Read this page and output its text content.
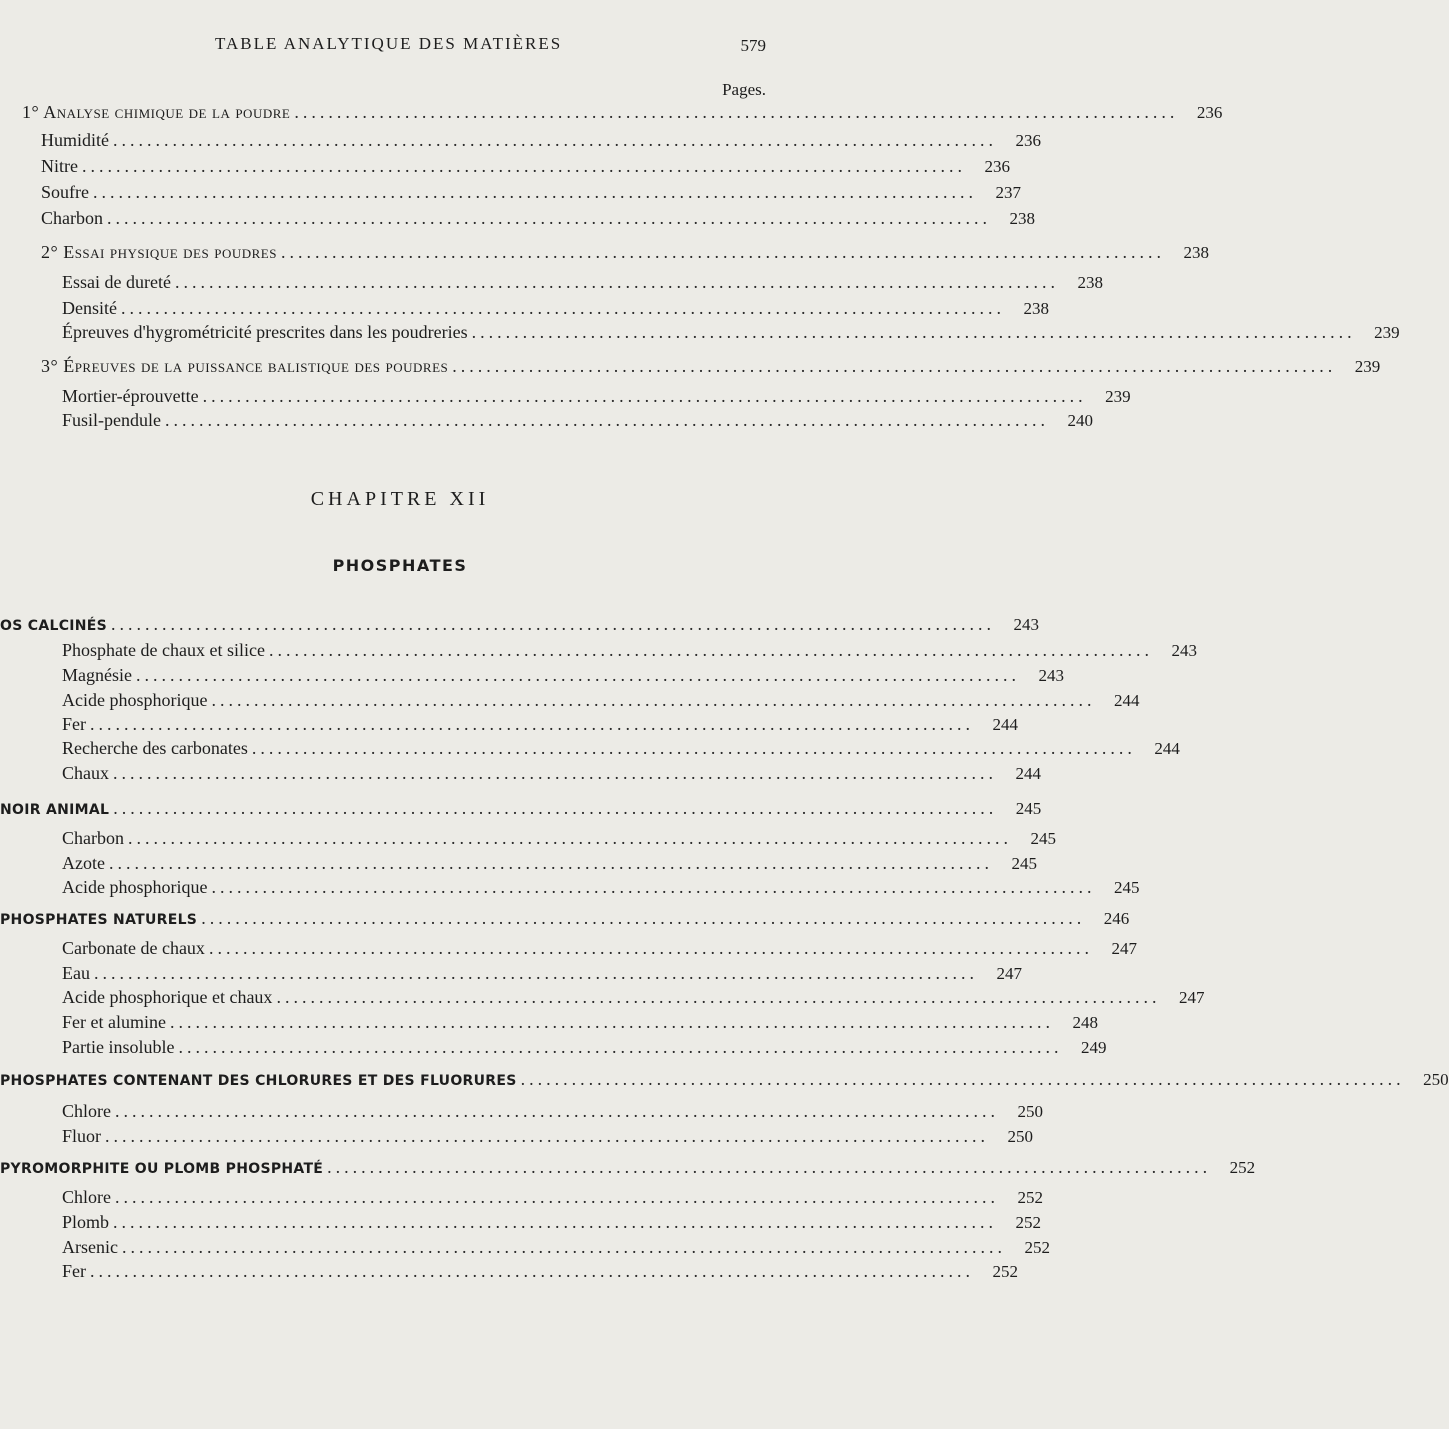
TABLE ANALYTIQUE DES MATIÈRES	579
Pages.
1° Analyse chimique de la poudre ........................................................................................................	236
Humidité ........................................................................................................	236
Nitre ........................................................................................................	236
Soufre ........................................................................................................	237
Charbon ........................................................................................................	238
2° Essai physique des poudres ........................................................................................................	238
Essai de dureté ........................................................................................................	238
Densité ........................................................................................................	238
Épreuves d'hygrométricité prescrites dans les poudreries ........................................................................................................	239
3° Épreuves de la puissance balistique des poudres ........................................................................................................	239
Mortier-éprouvette ........................................................................................................	239
Fusil-pendule ........................................................................................................	240
CHAPITRE XII
PHOSPHATES
OS CALCINÉS ........................................................................................................	243
Phosphate de chaux et silice ........................................................................................................	243
Magnésie ........................................................................................................	243
Acide phosphorique ........................................................................................................	244
Fer ........................................................................................................	244
Recherche des carbonates ........................................................................................................	244
Chaux ........................................................................................................	244
NOIR ANIMAL ........................................................................................................	245
Charbon ........................................................................................................	245
Azote ........................................................................................................	245
Acide phosphorique ........................................................................................................	245
PHOSPHATES NATURELS ........................................................................................................	246
Carbonate de chaux ........................................................................................................	247
Eau ........................................................................................................	247
Acide phosphorique et chaux ........................................................................................................	247
Fer et alumine ........................................................................................................	248
Partie insoluble ........................................................................................................	249
PHOSPHATES CONTENANT DES CHLORURES ET DES FLUORURES ........................................................................................................	250
Chlore ........................................................................................................	250
Fluor ........................................................................................................	250
PYROMORPHITE OU PLOMB PHOSPHATÉ ........................................................................................................	252
Chlore ........................................................................................................	252
Plomb ........................................................................................................	252
Arsenic ........................................................................................................	252
Fer ........................................................................................................	252
